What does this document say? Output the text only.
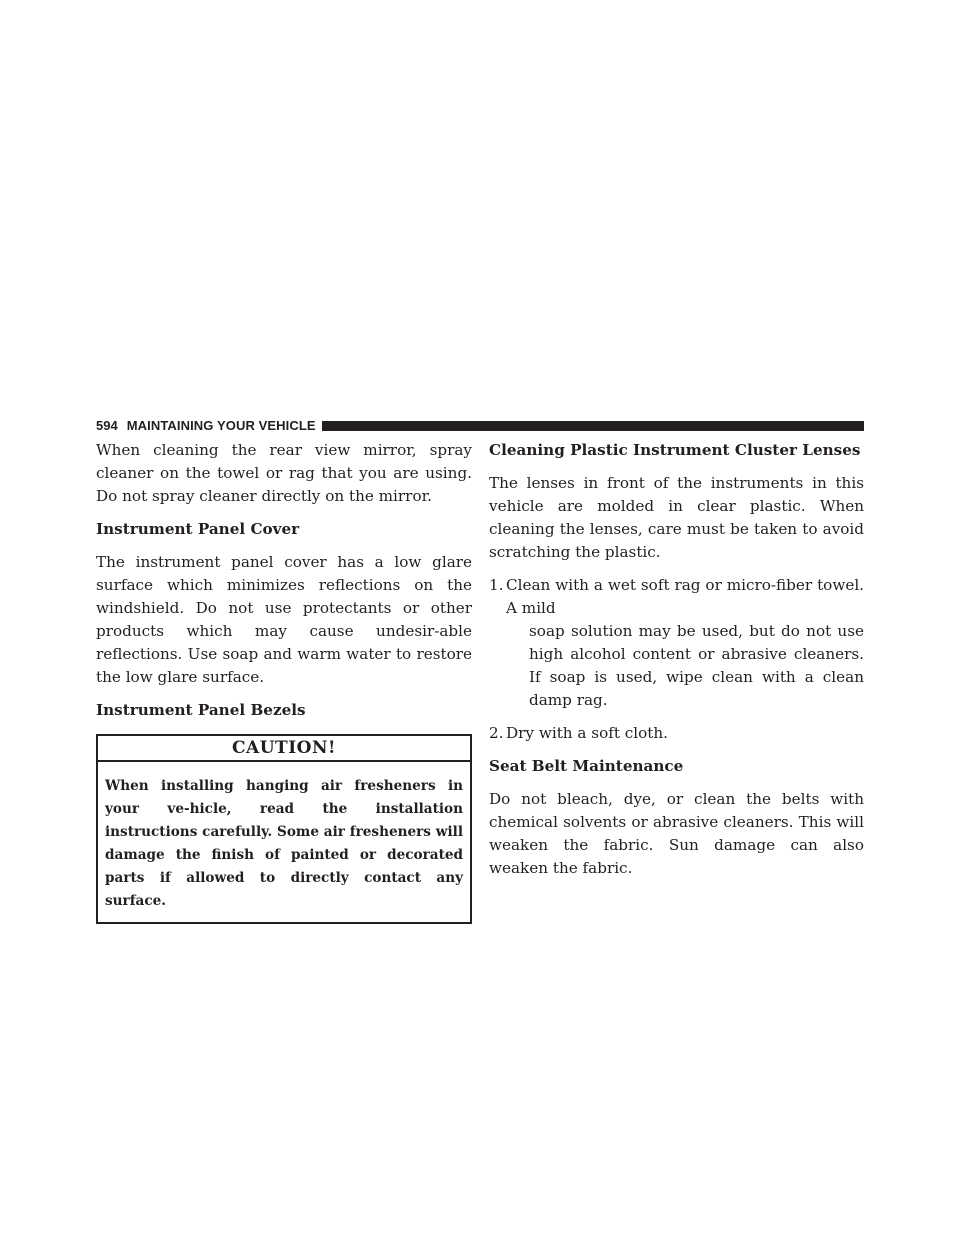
594 MAINTAINING YOUR VEHICLE

When cleaning the rear view mirror, spray cleaner on the towel or rag that you are using. Do not spray cleaner directly on the mirror.

Instrument Panel Cover

The instrument panel cover has a low glare surface which minimizes reflections on the windshield. Do not use protectants or other products which may cause undesir-able reflections. Use soap and warm water to restore the low glare surface.

Instrument Panel Bezels
CAUTION!
When installing hanging air fresheners in your ve-hicle, read the installation instructions carefully. Some air fresheners will damage the finish of painted or decorated parts if allowed to directly contact any surface.
Cleaning Plastic Instrument Cluster Lenses

The lenses in front of the instruments in this vehicle are molded in clear plastic. When cleaning the lenses, care must be taken to avoid scratching the plastic.

1. Clean with a wet soft rag or micro-fiber towel. A mild
soap solution may be used, but do not use high alcohol content or abrasive cleaners. If soap is used, wipe clean with a clean damp rag.
2. Dry with a soft cloth.
Seat Belt Maintenance

Do not bleach, dye, or clean the belts with chemical solvents or abrasive cleaners. This will weaken the fabric. Sun damage can also weaken the fabric.
